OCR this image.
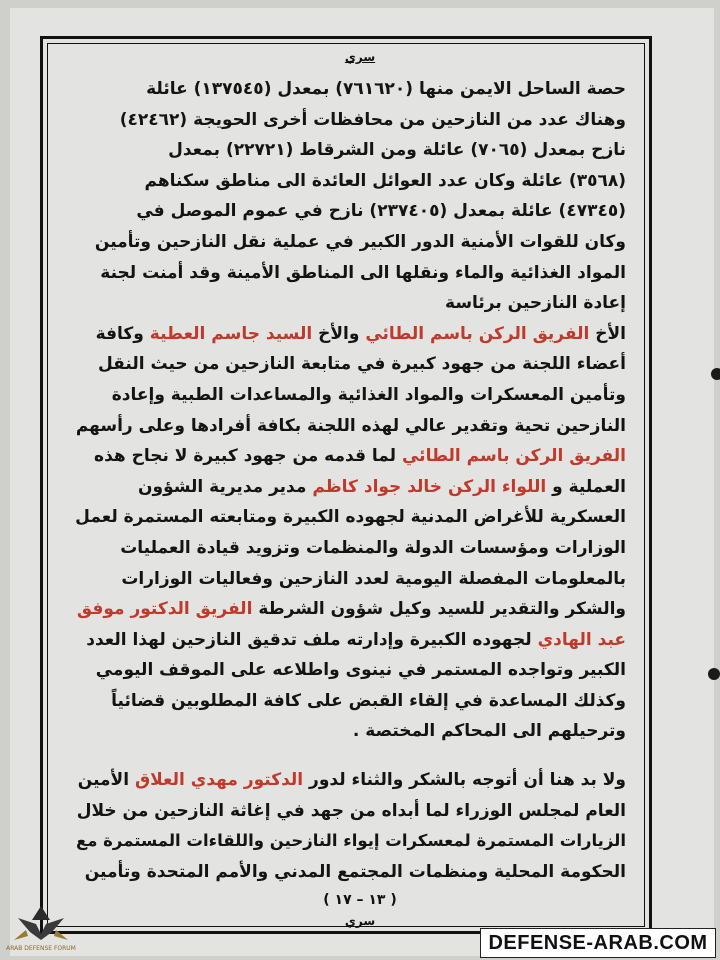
سري
حصة الساحل الايمن منها (٧٦١٦٢٠) بمعدل (١٣٧٥٤٥) عائلة
وهناك عدد من النازحين من محافظات أخرى الحويجة (٤٢٤٦٢)
نازح بمعدل (٧٠٦٥) عائلة ومن الشرقاط (٢٢٧٢١) بمعدل
(٣٥٦٨) عائلة وكان عدد العوائل العائدة الى مناطق سكناهم
(٤٧٣٤٥) عائلة بمعدل (٢٣٧٤٠٥) نازح في عموم الموصل في
وكان للقوات الأمنية الدور الكبير في عملية نقل النازحين وتأمين
المواد الغذائية والماء ونقلها الى المناطق الأمينة وقد أمنت لجنة
إعادة النازحين برئاسة
الأخ الفريق الركن باسم الطائي والأخ السيد جاسم العطية وكافة
أعضاء اللجنة من جهود كبيرة في متابعة النازحين من حيث النقل
وتأمين المعسكرات والمواد الغذائية والمساعدات الطبية وإعادة
النازحين تحية وتقدير عالي لهذه اللجنة بكافة أفرادها وعلى رأسهم
الفريق الركن باسم الطائي لما قدمه من جهود كبيرة لا نجاح هذه
العملية و اللواء الركن خالد جواد كاظم مدير مديرية الشؤون
العسكرية للأغراض المدنية لجهوده الكبيرة ومتابعته المستمرة لعمل
الوزارات ومؤسسات الدولة والمنظمات وتزويد قيادة العمليات
بالمعلومات المفصلة اليومية لعدد النازحين وفعاليات الوزارات
والشكر والتقدير للسيد وكيل شؤون الشرطة الفريق الدكتور موفق
عبد الهادي لجهوده الكبيرة وإدارته ملف تدقيق النازحين لهذا العدد
الكبير وتواجده المستمر في نينوى واطلاعه على الموقف اليومي
وكذلك المساعدة في إلقاء القبض على كافة المطلوبين قضائياً
وترحيلهم الى المحاكم المختصة .
ولا بد هنا أن أتوجه بالشكر والثناء لدور الدكتور مهدي العلاق الأمين
العام لمجلس الوزراء لما أبداه من جهد في إغاثة النازحين من خلال
الزيارات المستمرة لمعسكرات إيواء النازحين واللقاءات المستمرة مع
الحكومة المحلية ومنظمات المجتمع المدني والأمم المتحدة وتأمين
( ١٣ – ١٧ )
سري
ARAB DEFENSE FORUM	DEFENSE-ARAB.COM
